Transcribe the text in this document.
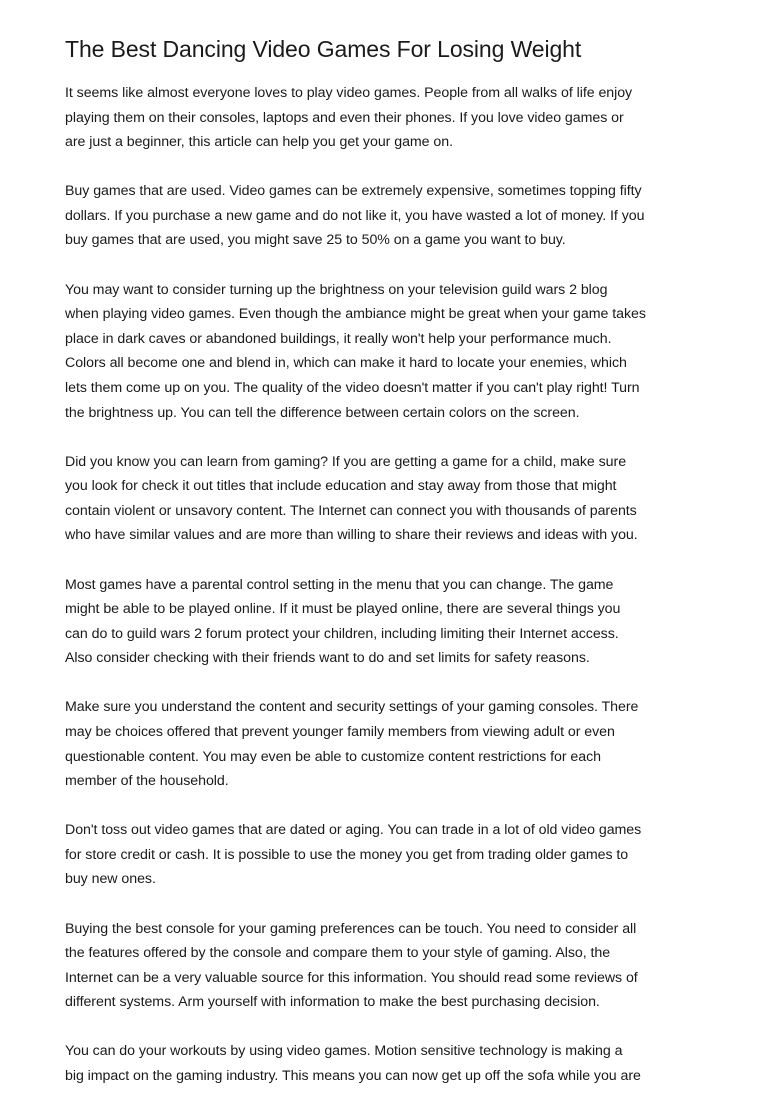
The Best Dancing Video Games For Losing Weight

It seems like almost everyone loves to play video games. People from all walks of life enjoy
playing them on their consoles, laptops and even their phones. If you love video games or
are just a beginner, this article can help you get your game on.

Buy games that are used. Video games can be extremely expensive, sometimes topping fifty
dollars. If you purchase a new game and do not like it, you have wasted a lot of money. If you
buy games that are used, you might save 25 to 50% on a game you want to buy.

You may want to consider turning up the brightness on your television guild wars 2 blog
when playing video games. Even though the ambiance might be great when your game takes
place in dark caves or abandoned buildings, it really won't help your performance much.
Colors all become one and blend in, which can make it hard to locate your enemies, which
lets them come up on you. The quality of the video doesn't matter if you can't play right! Turn
the brightness up. You can tell the difference between certain colors on the screen.

Did you know you can learn from gaming? If you are getting a game for a child, make sure
you look for check it out titles that include education and stay away from those that might
contain violent or unsavory content. The Internet can connect you with thousands of parents
who have similar values and are more than willing to share their reviews and ideas with you.

Most games have a parental control setting in the menu that you can change. The game
might be able to be played online. If it must be played online, there are several things you
can do to guild wars 2 forum protect your children, including limiting their Internet access.
Also consider checking with their friends want to do and set limits for safety reasons.

Make sure you understand the content and security settings of your gaming consoles. There
may be choices offered that prevent younger family members from viewing adult or even
questionable content. You may even be able to customize content restrictions for each
member of the household.

Don't toss out video games that are dated or aging. You can trade in a lot of old video games
for store credit or cash. It is possible to use the money you get from trading older games to
buy new ones.

Buying the best console for your gaming preferences can be touch. You need to consider all
the features offered by the console and compare them to your style of gaming. Also, the
Internet can be a very valuable source for this information. You should read some reviews of
different systems. Arm yourself with information to make the best purchasing decision.

You can do your workouts by using video games. Motion sensitive technology is making a
big impact on the gaming industry. This means you can now get up off the sofa while you are
